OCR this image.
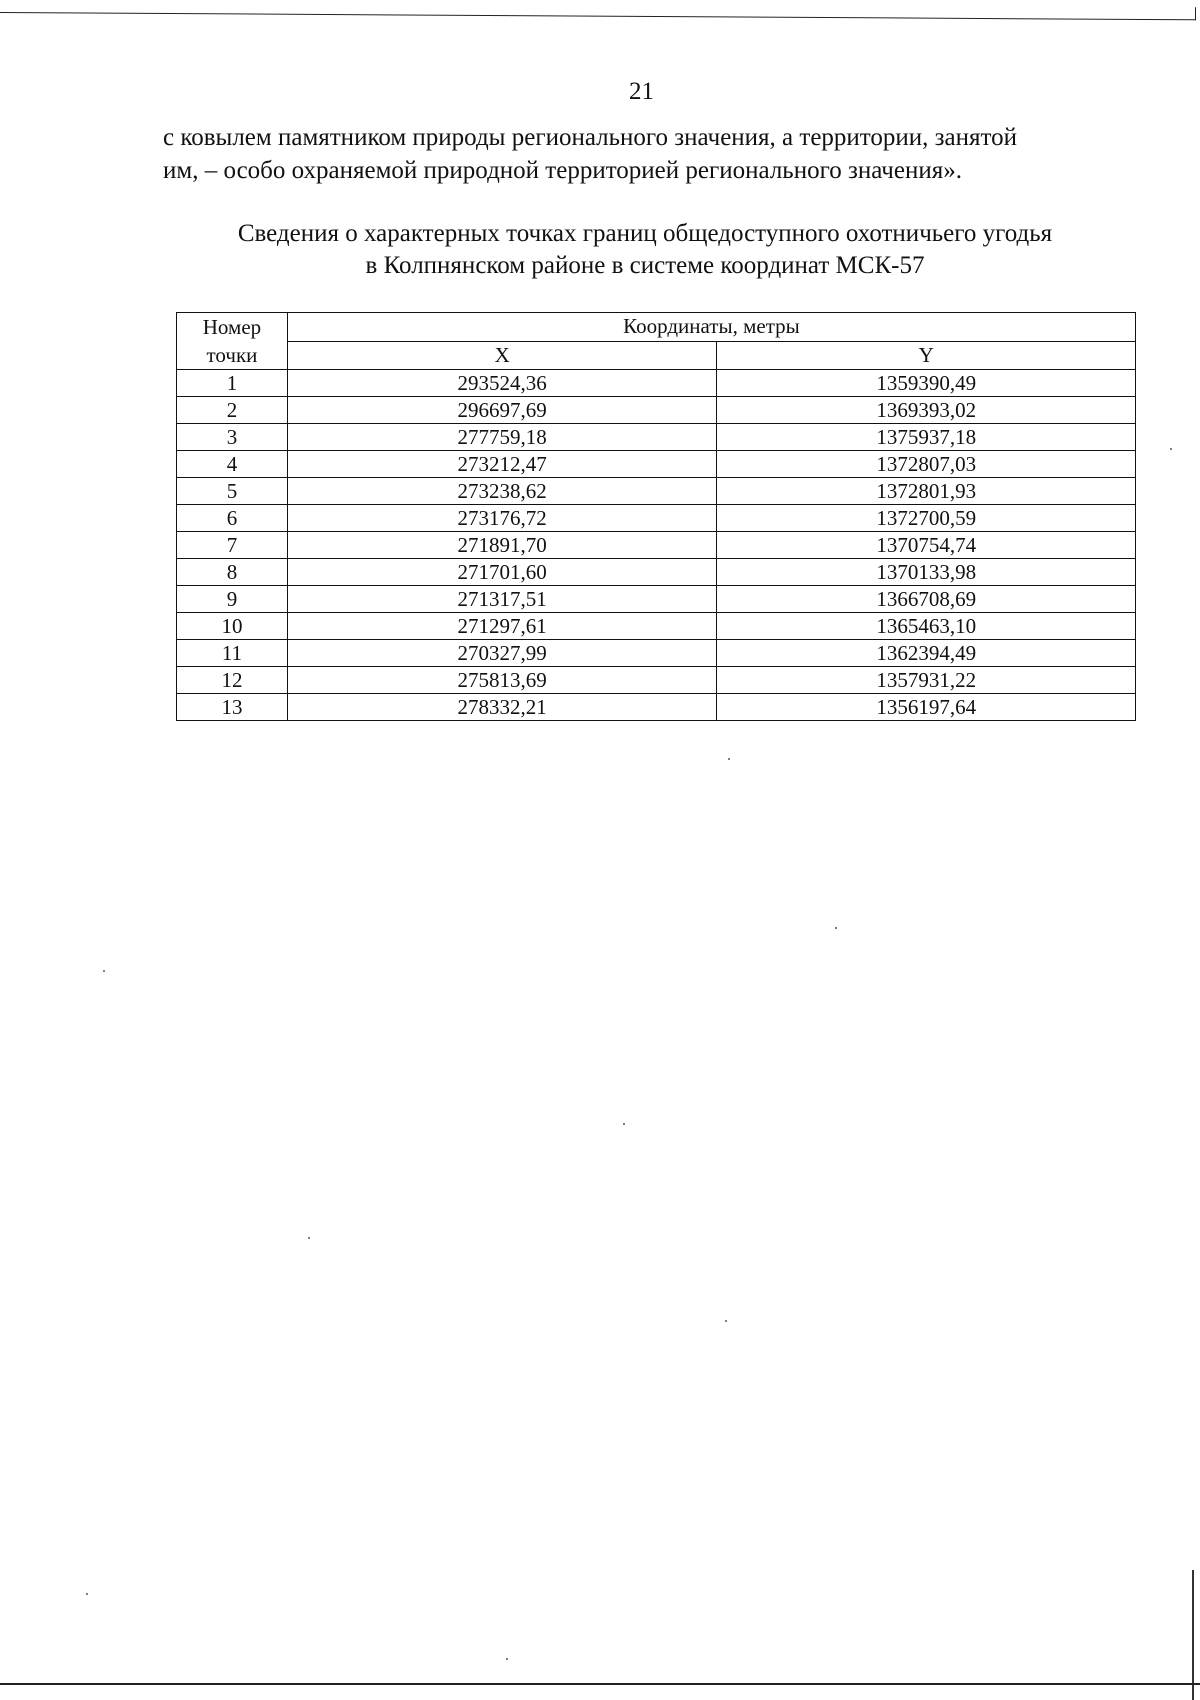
21

с ковылем памятником природы регионального значения, а территории, занятой
им, – особо охраняемой природной территорией регионального значения».

Сведения о характерных точках границ общедоступного охотничьего угодья
в Колпнянском районе в системе координат МСК-57
Номер
точки	Координаты, метры	
	X	Y
1	293524,36	1359390,49
2	296697,69	1369393,02
3	277759,18	1375937,18
4	273212,47	1372807,03
5	273238,62	1372801,93
6	273176,72	1372700,59
7	271891,70	1370754,74
8	271701,60	1370133,98
9	271317,51	1366708,69
10	271297,61	1365463,10
11	270327,99	1362394,49
12	275813,69	1357931,22
13	278332,21	1356197,64
